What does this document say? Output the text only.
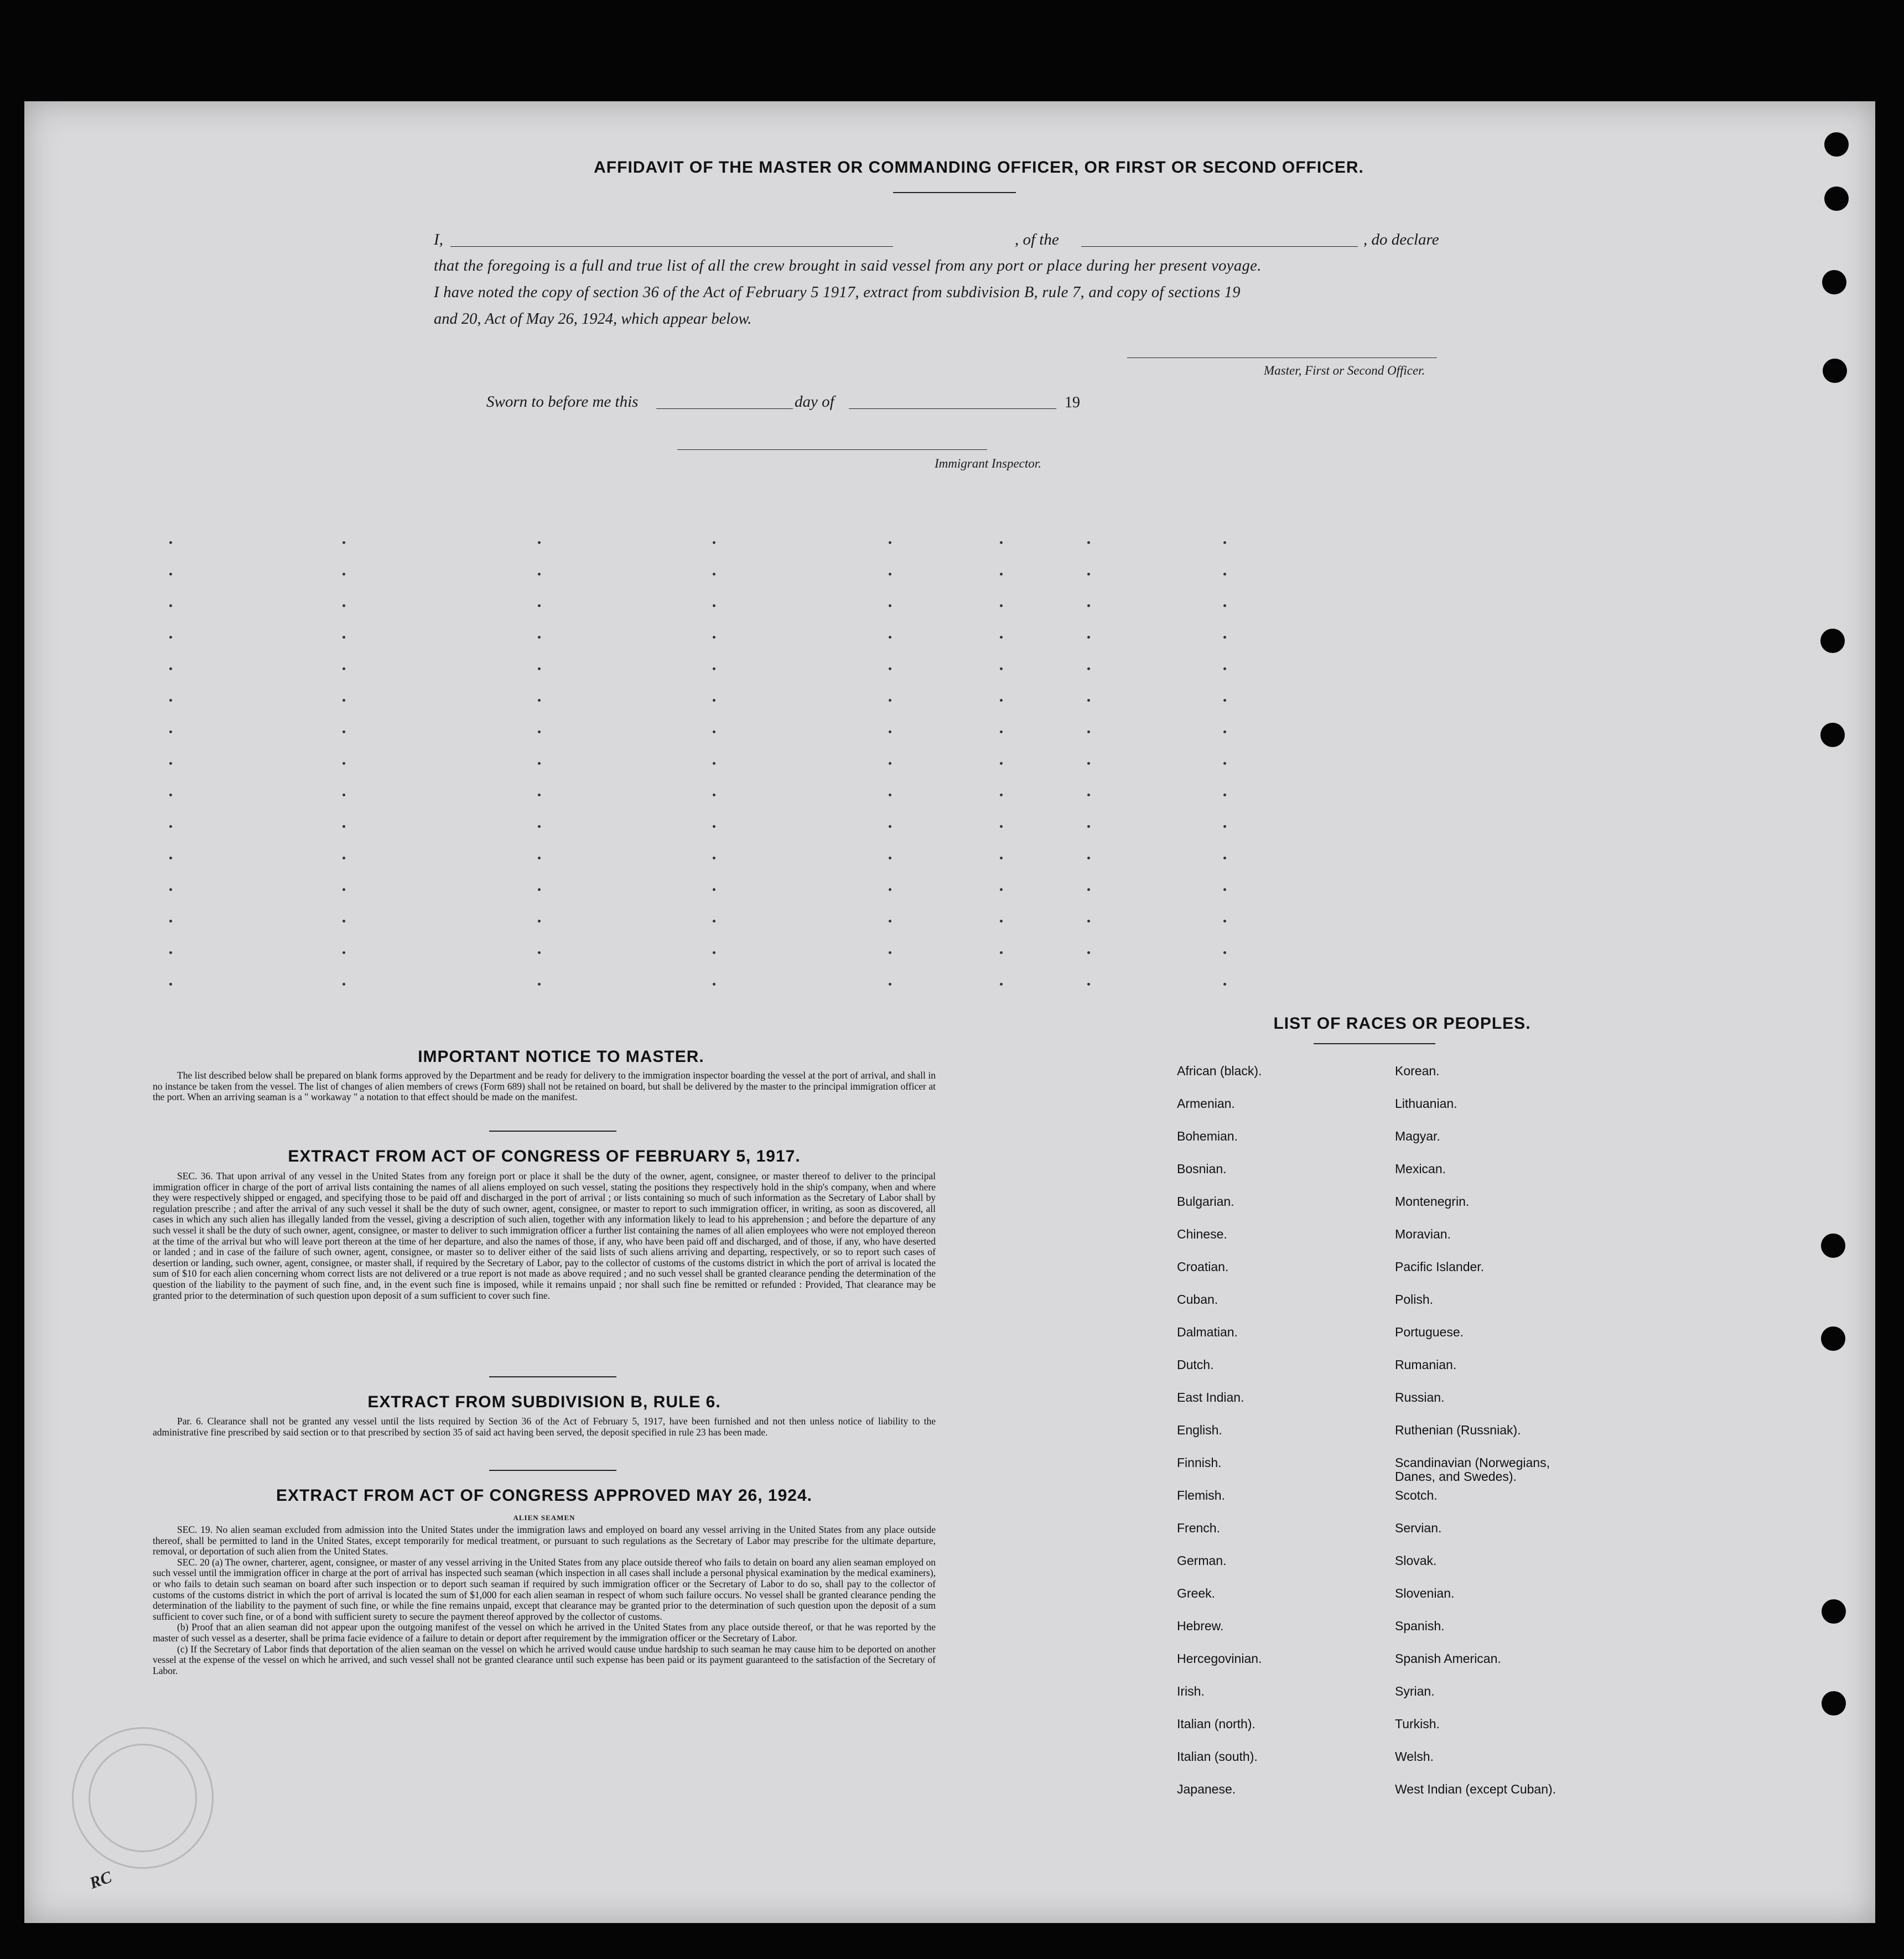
AFFIDAVIT OF THE MASTER OR COMMANDING OFFICER, OR FIRST OR SECOND OFFICER.
I,	, of the	, do declare
that the foregoing is a full and true list of all the crew brought in said vessel from any port or place during her present voyage.
I have noted the copy of section 36 of the Act of February 5 1917, extract from subdivision B, rule 7, and copy of sections 19
and 20, Act of May 26, 1924, which appear below.
Master, First or Second Officer.
Sworn to before me this	day of	19
Immigrant Inspector.
IMPORTANT NOTICE TO MASTER.

The list described below shall be prepared on blank forms approved by the Department and be ready for delivery to the immigration inspector boarding the vessel at the port of arrival, and shall in no instance be taken from the vessel. The list of changes of alien members of crews (Form 689) shall not be retained on board, but shall be delivered by the master to the principal immigration officer at the port. When an arriving seaman is a " workaway " a notation to that effect should be made on the manifest.

EXTRACT FROM ACT OF CONGRESS OF FEBRUARY 5, 1917.

SEC. 36. That upon arrival of any vessel in the United States from any foreign port or place it shall be the duty of the owner, agent, consignee, or master thereof to deliver to the principal immigration officer in charge of the port of arrival lists containing the names of all aliens employed on such vessel, stating the positions they respectively hold in the ship's company, when and where they were respectively shipped or engaged, and specifying those to be paid off and discharged in the port of arrival ; or lists containing so much of such information as the Secretary of Labor shall by regulation prescribe ; and after the arrival of any such vessel it shall be the duty of such owner, agent, consignee, or master to report to such immigration officer, in writing, as soon as discovered, all cases in which any such alien has illegally landed from the vessel, giving a description of such alien, together with any information likely to lead to his apprehension ; and before the departure of any such vessel it shall be the duty of such owner, agent, consignee, or master to deliver to such immigration officer a further list containing the names of all alien employees who were not employed thereon at the time of the arrival but who will leave port thereon at the time of her departure, and also the names of those, if any, who have been paid off and discharged, and of those, if any, who have deserted or landed ; and in case of the failure of such owner, agent, consignee, or master so to deliver either of the said lists of such aliens arriving and departing, respectively, or so to report such cases of desertion or landing, such owner, agent, consignee, or master shall, if required by the Secretary of Labor, pay to the collector of customs of the customs district in which the port of arrival is located the sum of $10 for each alien concerning whom correct lists are not delivered or a true report is not made as above required ; and no such vessel shall be granted clearance pending the determination of the question of the liability to the payment of such fine, and, in the event such fine is imposed, while it remains unpaid ; nor shall such fine be remitted or refunded : Provided, That clearance may be granted prior to the determination of such question upon deposit of a sum sufficient to cover such fine.

EXTRACT FROM SUBDIVISION B, RULE 6.

Par. 6. Clearance shall not be granted any vessel until the lists required by Section 36 of the Act of February 5, 1917, have been furnished and not then unless notice of liability to the administrative fine prescribed by said section or to that prescribed by section 35 of said act having been served, the deposit specified in rule 23 has been made.

EXTRACT FROM ACT OF CONGRESS APPROVED MAY 26, 1924.
ALIEN SEAMEN

SEC. 19. No alien seaman excluded from admission into the United States under the immigration laws and employed on board any vessel arriving in the United States from any place outside thereof, shall be permitted to land in the United States, except temporarily for medical treatment, or pursuant to such regulations as the Secretary of Labor may prescribe for the ultimate departure, removal, or deportation of such alien from the United States.

SEC. 20 (a) The owner, charterer, agent, consignee, or master of any vessel arriving in the United States from any place outside thereof who fails to detain on board any alien seaman employed on such vessel until the immigration officer in charge at the port of arrival has inspected such seaman (which inspection in all cases shall include a personal physical examination by the medical examiners), or who fails to detain such seaman on board after such inspection or to deport such seaman if required by such immigration officer or the Secretary of Labor to do so, shall pay to the collector of customs of the customs district in which the port of arrival is located the sum of $1,000 for each alien seaman in respect of whom such failure occurs. No vessel shall be granted clearance pending the determination of the liability to the payment of such fine, or while the fine remains unpaid, except that clearance may be granted prior to the determination of such question upon the deposit of a sum sufficient to cover such fine, or of a bond with sufficient surety to secure the payment thereof approved by the collector of customs.

(b) Proof that an alien seaman did not appear upon the outgoing manifest of the vessel on which he arrived in the United States from any place outside thereof, or that he was reported by the master of such vessel as a deserter, shall be prima facie evidence of a failure to detain or deport after requirement by the immigration officer or the Secretary of Labor.

(c) If the Secretary of Labor finds that deportation of the alien seaman on the vessel on which he arrived would cause undue hardship to such seaman he may cause him to be deported on another vessel at the expense of the vessel on which he arrived, and such vessel shall not be granted clearance until such expense has been paid or its payment guaranteed to the satisfaction of the Secretary of Labor.

LIST OF RACES OR PEOPLES.
African (black).
Armenian.
Bohemian.
Bosnian.
Bulgarian.
Chinese.
Croatian.
Cuban.
Dalmatian.
Dutch.
East Indian.
English.
Finnish.
Flemish.
French.
German.
Greek.
Hebrew.
Hercegovinian.
Irish.
Italian (north).
Italian (south).
Japanese.
Korean.
Lithuanian.
Magyar.
Mexican.
Montenegrin.
Moravian.
Pacific Islander.
Polish.
Portuguese.
Rumanian.
Russian.
Ruthenian (Russniak).
Scandinavian (Norwegians,
Danes, and Swedes).
Scotch.
Servian.
Slovak.
Slovenian.
Spanish.
Spanish American.
Syrian.
Turkish.
Welsh.
West Indian (except Cuban).
RC
